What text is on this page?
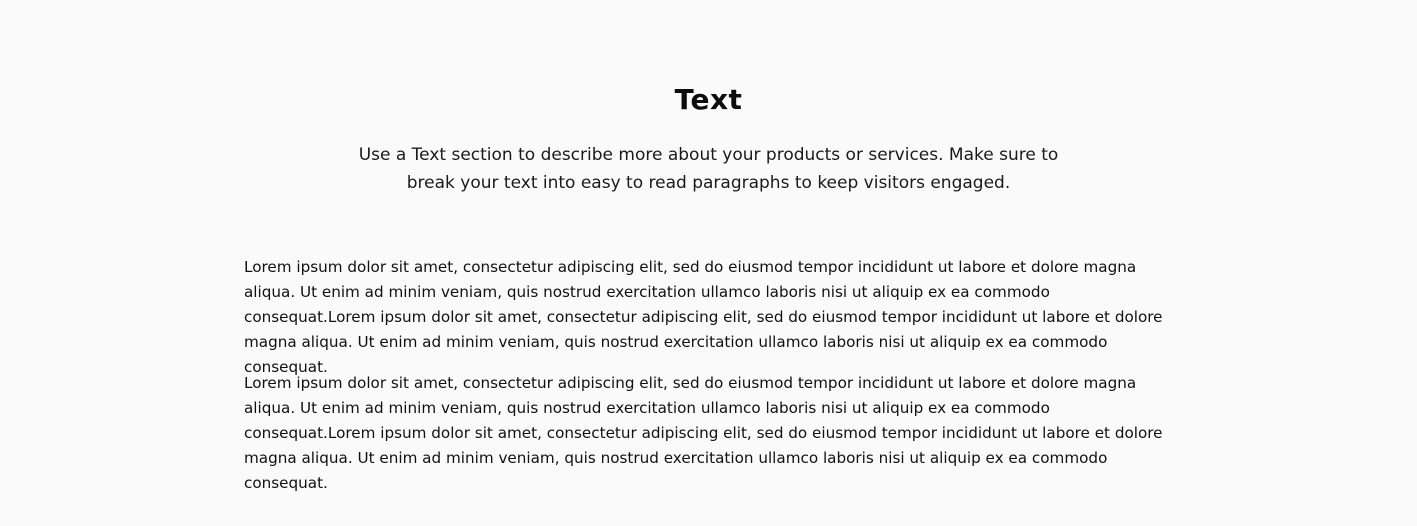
Text

Use a Text section to describe more about your products or services. Make sure to break your text into easy to read paragraphs to keep visitors engaged.

Lorem ipsum dolor sit amet, consectetur adipiscing elit, sed do eiusmod tempor incididunt ut labore et dolore magna aliqua. Ut enim ad minim veniam, quis nostrud exercitation ullamco laboris nisi ut aliquip ex ea commodo consequat.Lorem ipsum dolor sit amet, consectetur adipiscing elit, sed do eiusmod tempor incididunt ut labore et dolore magna aliqua. Ut enim ad minim veniam, quis nostrud exercitation ullamco laboris nisi ut aliquip ex ea commodo consequat.

Lorem ipsum dolor sit amet, consectetur adipiscing elit, sed do eiusmod tempor incididunt ut labore et dolore magna aliqua. Ut enim ad minim veniam, quis nostrud exercitation ullamco laboris nisi ut aliquip ex ea commodo consequat.Lorem ipsum dolor sit amet, consectetur adipiscing elit, sed do eiusmod tempor incididunt ut labore et dolore magna aliqua. Ut enim ad minim veniam, quis nostrud exercitation ullamco laboris nisi ut aliquip ex ea commodo consequat.
